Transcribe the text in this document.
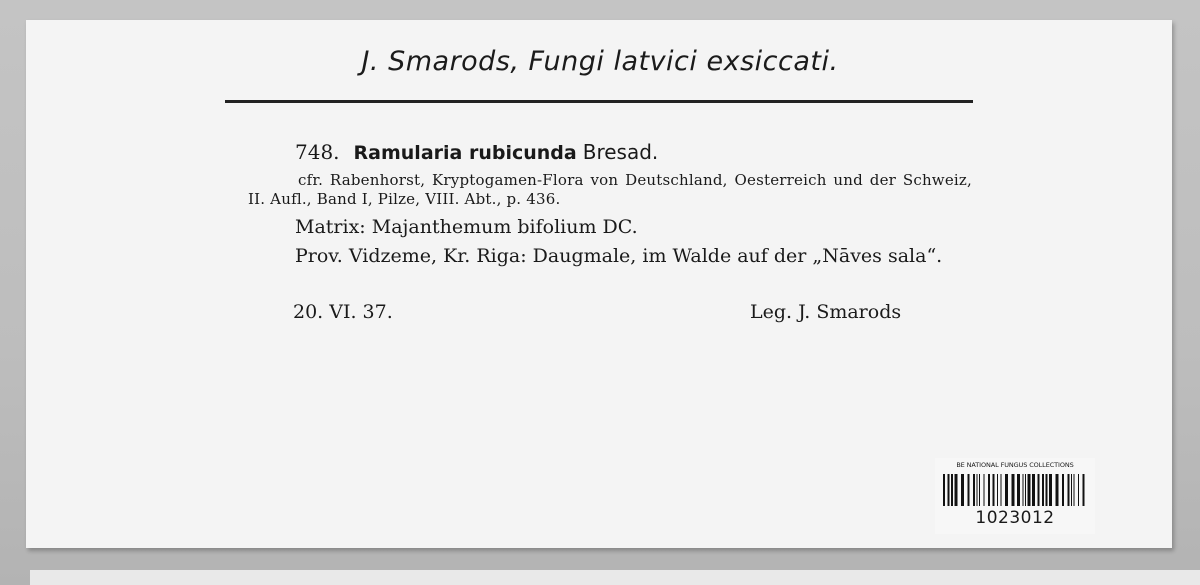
J. Smarods, Fungi latvici exsiccati.
748. Ramularia rubicunda Bresad.
cfr. Rabenhorst, Kryptogamen-Flora von Deutschland, Oesterreich und der Schweiz, II. Aufl., Band I, Pilze, VIII. Abt., p. 436.
Matrix: Majanthemum bifolium DC.
Prov. Vidzeme, Kr. Riga: Daugmale, im Walde auf der „Nāves sala“.
20. VI. 37.	Leg. J. Smarods
BE NATIONAL FUNGUS COLLECTIONS
1023012
